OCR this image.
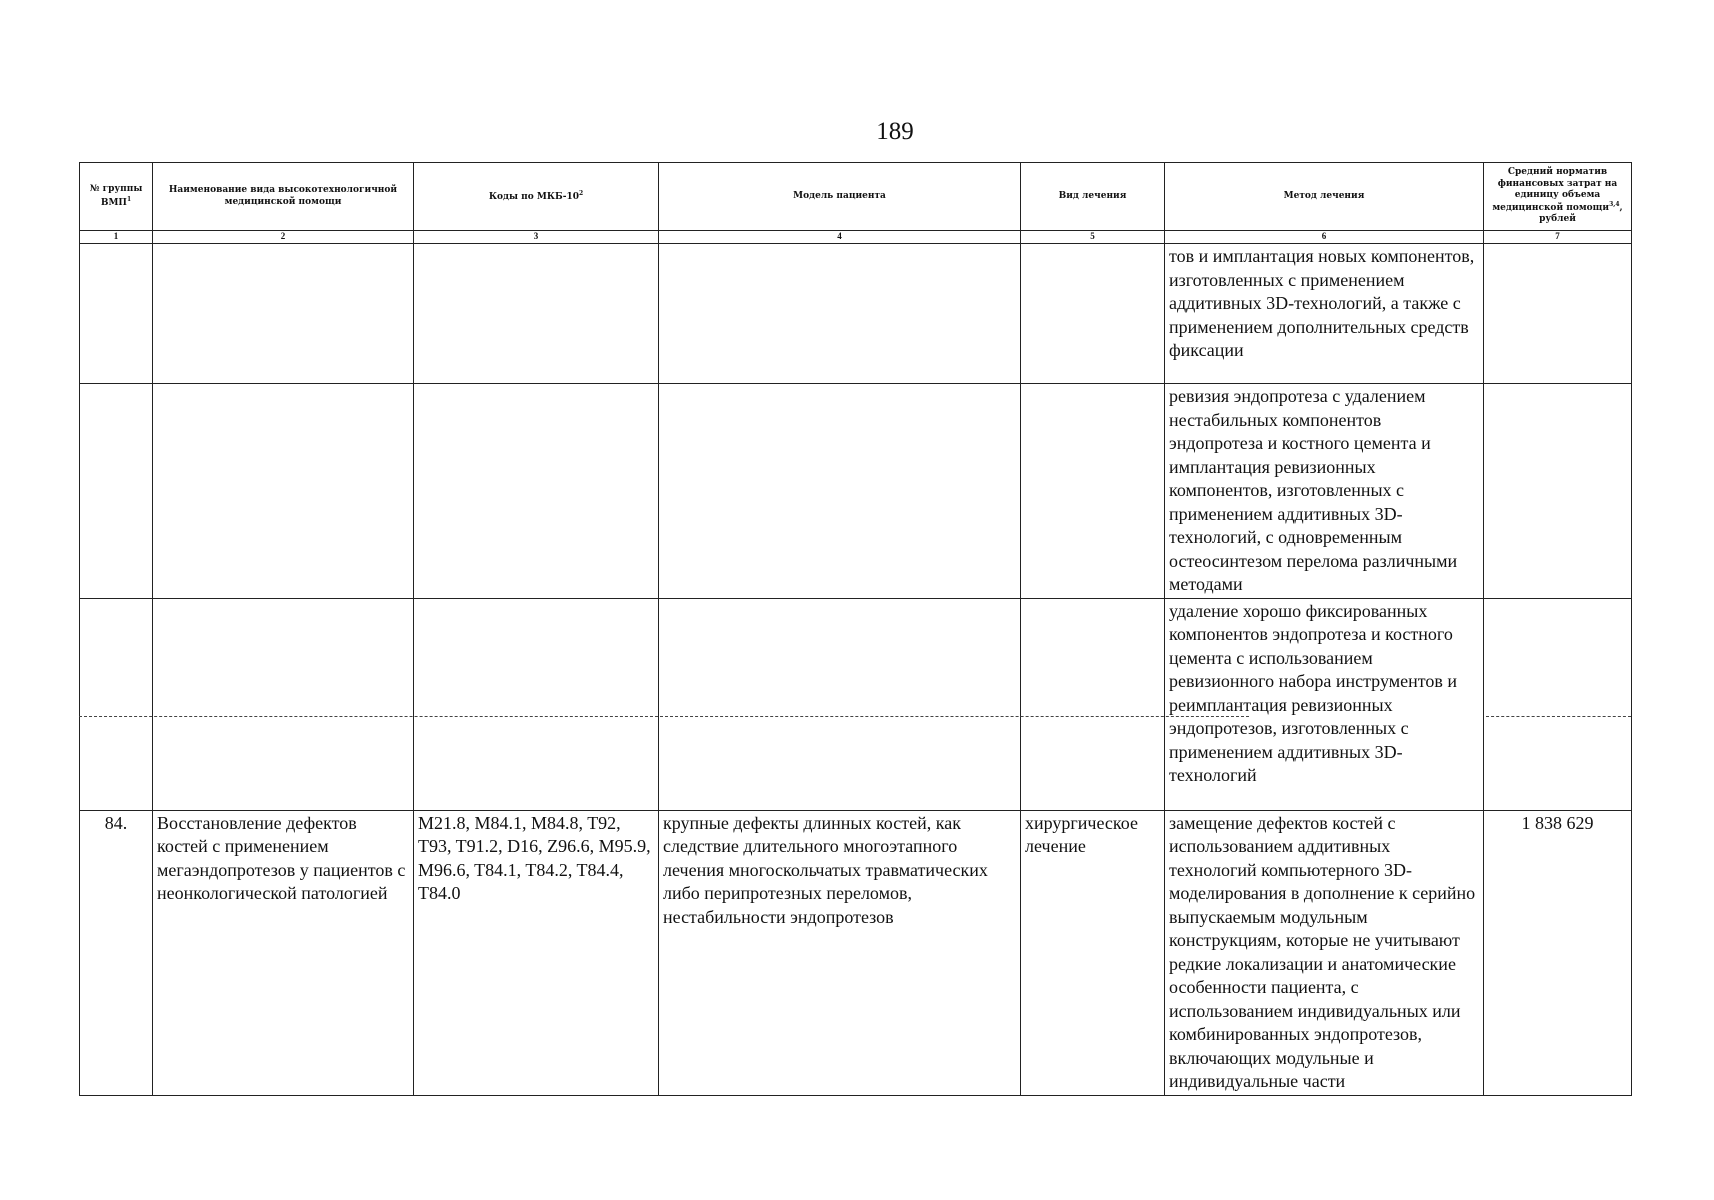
189
№ группы ВМП$^1$	Наименование вида высокотехнологичной медицинской помощи	Коды по МКБ-$10^2$	Модель пациента	Вид лечения	Метод лечения	Средний норматив финансовых затрат на единицу объема медицинской помощи$^{3,4}$, рублей
1	2	3	4	5	6	7
					тов и имплантация новых компонентов, изготовленных с применением аддитивных 3D-технологий, а также с применением дополнительных средств фиксации	
					ревизия эндопротеза с удалением нестабильных компонентов эндопротеза и костного цемента и имплантация ревизионных компонентов, изготовленных с применением аддитивных 3D-технологий, с одновременным остеосинтезом перелома различными методами	
					удаление хорошо фиксированных компонентов эндопротеза и костного цемента с использованием ревизионного набора инструментов и реимплантация ревизионных эндопротезов, изготовленных с применением аддитивных 3D-технологий	
84.	Восстановление дефектов костей с применением мегаэндопротезов у пациентов с неонкологической патологией	M21.8, M84.1, M84.8, T92, T93, T91.2, D16, Z96.6, M95.9, M96.6, T84.1, T84.2, T84.4, T84.0	крупные дефекты длинных костей, как следствие длительного многоэтапного лечения многоскольчатых травматических либо перипротезных переломов, нестабильности эндопротезов	хирургическое лечение	замещение дефектов костей с использованием аддитивных технологий компьютерного 3D-моделирования в дополнение к серийно выпускаемым модульным конструкциям, которые не учитывают редкие локализации и анатомические особенности пациента, с использованием индивидуальных или комбинированных эндопротезов, включающих модульные и индивидуальные части	1 838 629
